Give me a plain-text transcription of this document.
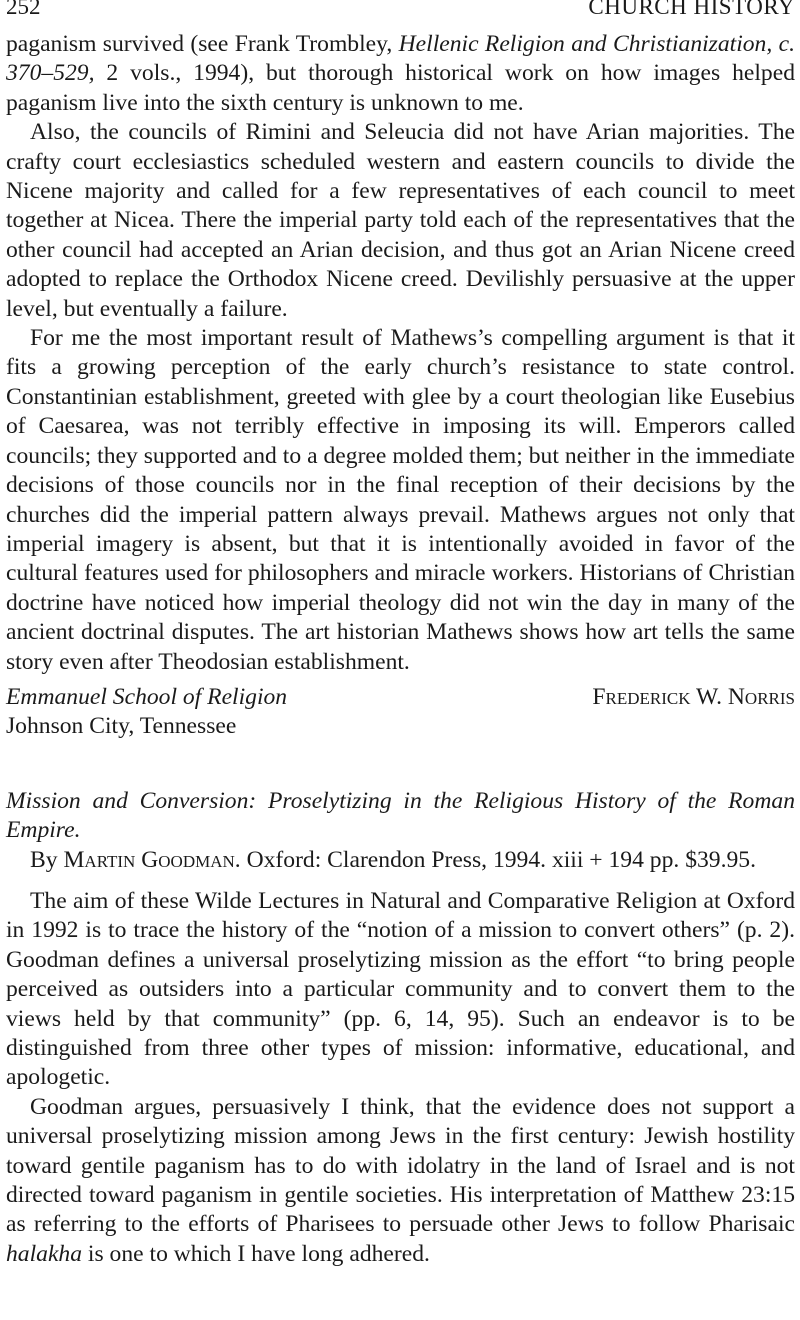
252	CHURCH HISTORY

paganism survived (see Frank Trombley, Hellenic Religion and Christianization, c. 370–529, 2 vols., 1994), but thorough historical work on how images helped paganism live into the sixth century is unknown to me.

Also, the councils of Rimini and Seleucia did not have Arian majorities. The crafty court ecclesiastics scheduled western and eastern councils to divide the Nicene majority and called for a few representatives of each council to meet together at Nicea. There the imperial party told each of the representatives that the other council had accepted an Arian decision, and thus got an Arian Nicene creed adopted to replace the Orthodox Nicene creed. Devilishly persuasive at the upper level, but eventually a failure.

For me the most important result of Mathews’s compelling argument is that it fits a growing perception of the early church’s resistance to state control. Constantinian establishment, greeted with glee by a court theologian like Eusebius of Caesarea, was not terribly effective in imposing its will. Emperors called councils; they supported and to a degree molded them; but neither in the immediate decisions of those councils nor in the final reception of their decisions by the churches did the imperial pattern always prevail. Mathews argues not only that imperial imagery is absent, but that it is intentionally avoided in favor of the cultural features used for philosophers and miracle workers. Historians of Christian doctrine have noticed how imperial theology did not win the day in many of the ancient doctrinal disputes. The art historian Mathews shows how art tells the same story even after Theodosian establishment.

Emmanuel School of Religion
Johnson City, Tennessee
Frederick W. Norris
Mission and Conversion: Proselytizing in the Religious History of the Roman Empire.
By Martin Goodman. Oxford: Clarendon Press, 1994. xiii + 194 pp. $39.95.

The aim of these Wilde Lectures in Natural and Comparative Religion at Oxford in 1992 is to trace the history of the “notion of a mission to convert others” (p. 2). Goodman defines a universal proselytizing mission as the effort “to bring people perceived as outsiders into a particular community and to convert them to the views held by that community” (pp. 6, 14, 95). Such an endeavor is to be distinguished from three other types of mission: informative, educational, and apologetic.

Goodman argues, persuasively I think, that the evidence does not support a universal proselytizing mission among Jews in the first century: Jewish hostility toward gentile paganism has to do with idolatry in the land of Israel and is not directed toward paganism in gentile societies. His interpretation of Matthew 23:15 as referring to the efforts of Pharisees to persuade other Jews to follow Pharisaic halakha is one to which I have long adhered.
